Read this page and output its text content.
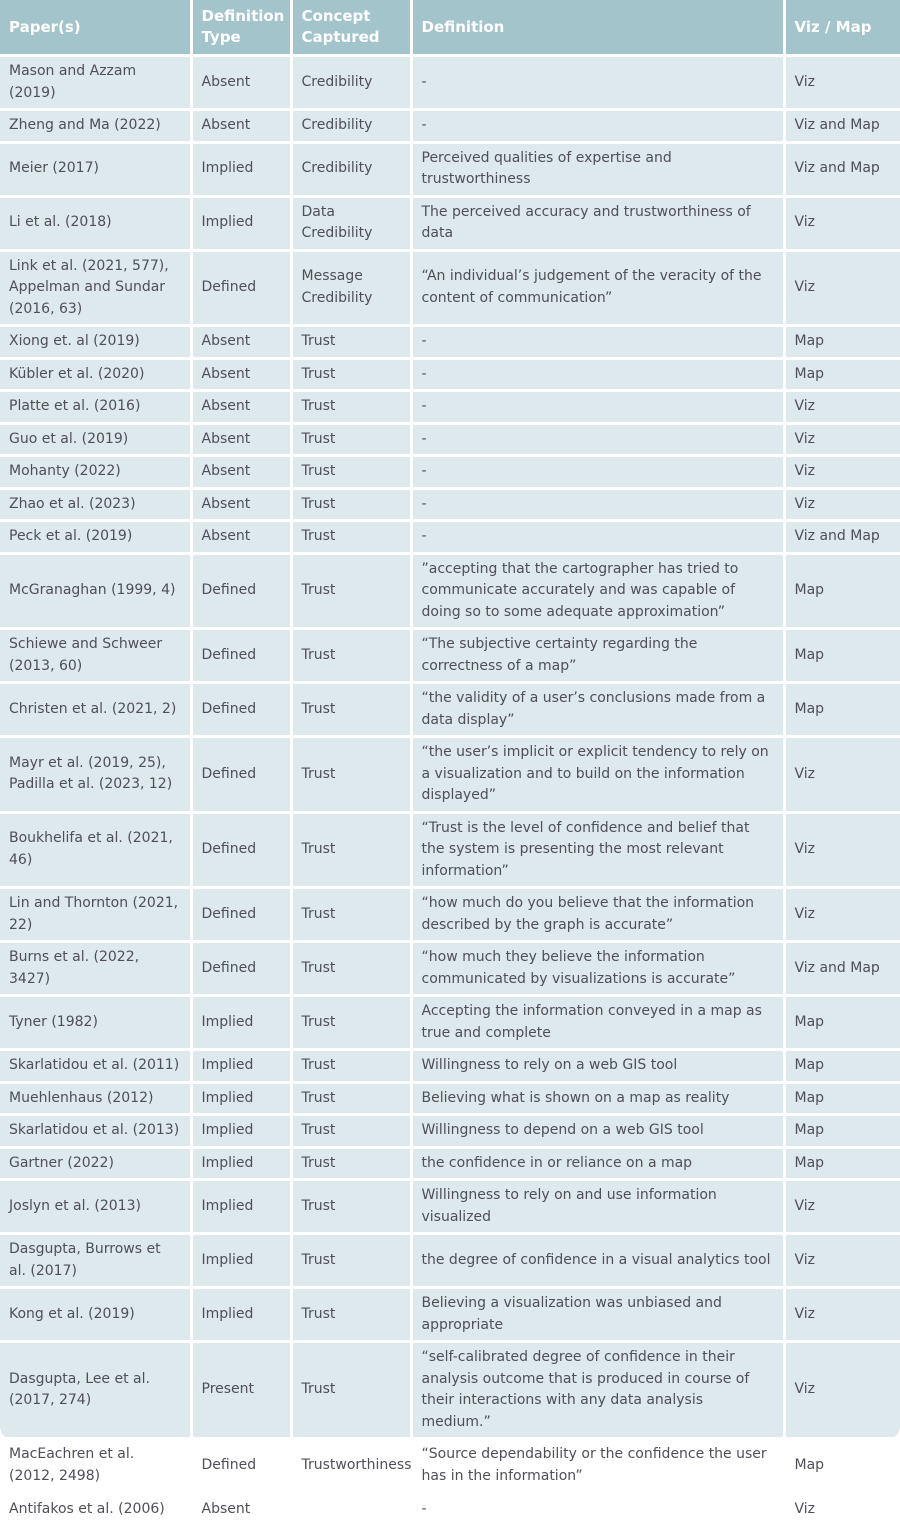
Paper(s)	Definition Type	Concept Captured	Definition	Viz / Map
Mason and Azzam (2019)	Absent	Credibility	-	Viz
Zheng and Ma (2022)	Absent	Credibility	-	Viz and Map
Meier (2017)	Implied	Credibility	Perceived qualities of expertise and trustworthiness	Viz and Map
Li et al. (2018)	Implied	Data Credibility	The perceived accuracy and trustworthiness of data	Viz
Link et al. (2021, 577), Appelman and Sundar (2016, 63)	Defined	Message Credibility	“An individual’s judgement of the veracity of the content of communication”	Viz
Xiong et. al (2019)	Absent	Trust	-	Map
Kübler et al. (2020)	Absent	Trust	-	Map
Platte et al. (2016)	Absent	Trust	-	Viz
Guo et al. (2019)	Absent	Trust	-	Viz
Mohanty (2022)	Absent	Trust	-	Viz
Zhao et al. (2023)	Absent	Trust	-	Viz
Peck et al. (2019)	Absent	Trust	-	Viz and Map
McGranaghan (1999, 4)	Defined	Trust	”accepting that the cartographer has tried to communicate accurately and was capable of doing so to some adequate approximation”	Map
Schiewe and Schweer (2013, 60)	Defined	Trust	“The subjective certainty regarding the correctness of a map”	Map
Christen et al. (2021, 2)	Defined	Trust	“the validity of a user’s conclusions made from a data display”	Map
Mayr et al. (2019, 25), Padilla et al. (2023, 12)	Defined	Trust	“the user’s implicit or explicit tendency to rely on a visualization and to build on the information displayed”	Viz
Boukhelifa et al. (2021, 46)	Defined	Trust	“Trust is the level of confidence and belief that the system is presenting the most relevant information”	Viz
Lin and Thornton (2021, 22)	Defined	Trust	“how much do you believe that the information described by the graph is accurate”	Viz
Burns et al. (2022, 3427)	Defined	Trust	“how much they believe the information communicated by visualizations is accurate”	Viz and Map
Tyner (1982)	Implied	Trust	Accepting the information conveyed in a map as true and complete	Map
Skarlatidou et al. (2011)	Implied	Trust	Willingness to rely on a web GIS tool	Map
Muehlenhaus (2012)	Implied	Trust	Believing what is shown on a map as reality	Map
Skarlatidou et al. (2013)	Implied	Trust	Willingness to depend on a web GIS tool	Map
Gartner (2022)	Implied	Trust	the confidence in or reliance on a map	Map
Joslyn et al. (2013)	Implied	Trust	Willingness to rely on and use information visualized	Viz
Dasgupta, Burrows et al. (2017)	Implied	Trust	the degree of confidence in a visual analytics tool	Viz
Kong et al. (2019)	Implied	Trust	Believing a visualization was unbiased and appropriate	Viz
Dasgupta, Lee et al. (2017, 274)	Present	Trust	“self-calibrated degree of confidence in their analysis outcome that is produced in course of their interactions with any data analysis medium.”	Viz
MacEachren et al. (2012, 2498)	Defined	Trustworthiness	“Source dependability or the confidence the user has in the information”	Map
Antifakos et al. (2006)	Absent		-	Viz
